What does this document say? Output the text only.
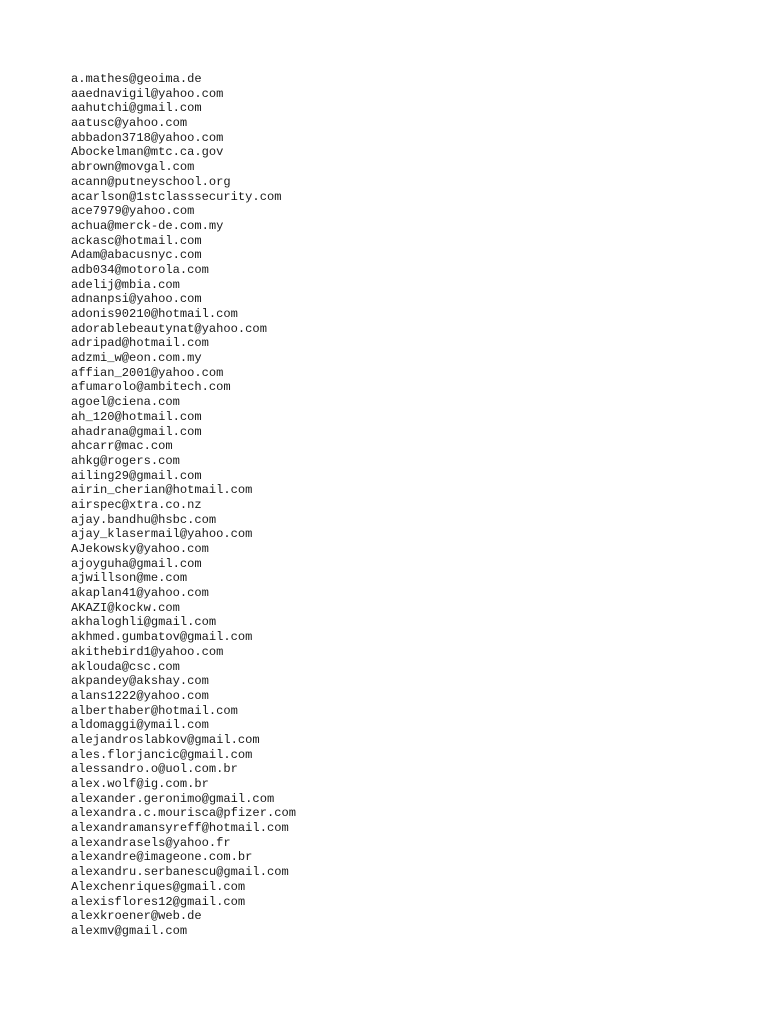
a.mathes@geoima.de
aaednavigil@yahoo.com
aahutchi@gmail.com
aatusc@yahoo.com
abbadon3718@yahoo.com
Abockelman@mtc.ca.gov
abrown@movgal.com
acann@putneyschool.org
acarlson@1stclasssecurity.com
ace7979@yahoo.com
achua@merck-de.com.my
ackasc@hotmail.com
Adam@abacusnyc.com
adb034@motorola.com
adelij@mbia.com
adnanpsi@yahoo.com
adonis90210@hotmail.com
adorablebeautynat@yahoo.com
adripad@hotmail.com
adzmi_w@eon.com.my
affian_2001@yahoo.com
afumarolo@ambitech.com
agoel@ciena.com
ah_120@hotmail.com
ahadrana@gmail.com
ahcarr@mac.com
ahkg@rogers.com
ailing29@gmail.com
airin_cherian@hotmail.com
airspec@xtra.co.nz
ajay.bandhu@hsbc.com
ajay_klasermail@yahoo.com
AJekowsky@yahoo.com
ajoyguha@gmail.com
ajwillson@me.com
akaplan41@yahoo.com
AKAZI@kockw.com
akhaloghli@gmail.com
akhmed.gumbatov@gmail.com
akithebird1@yahoo.com
aklouda@csc.com
akpandey@akshay.com
alans1222@yahoo.com
alberthaber@hotmail.com
aldomaggi@ymail.com
alejandroslabkov@gmail.com
ales.florjancic@gmail.com
alessandro.o@uol.com.br
alex.wolf@ig.com.br
alexander.geronimo@gmail.com
alexandra.c.mourisca@pfizer.com
alexandramansyreff@hotmail.com
alexandrasels@yahoo.fr
alexandre@imageone.com.br
alexandru.serbanescu@gmail.com
Alexchenriques@gmail.com
alexisflores12@gmail.com
alexkroener@web.de
alexmv@gmail.com
